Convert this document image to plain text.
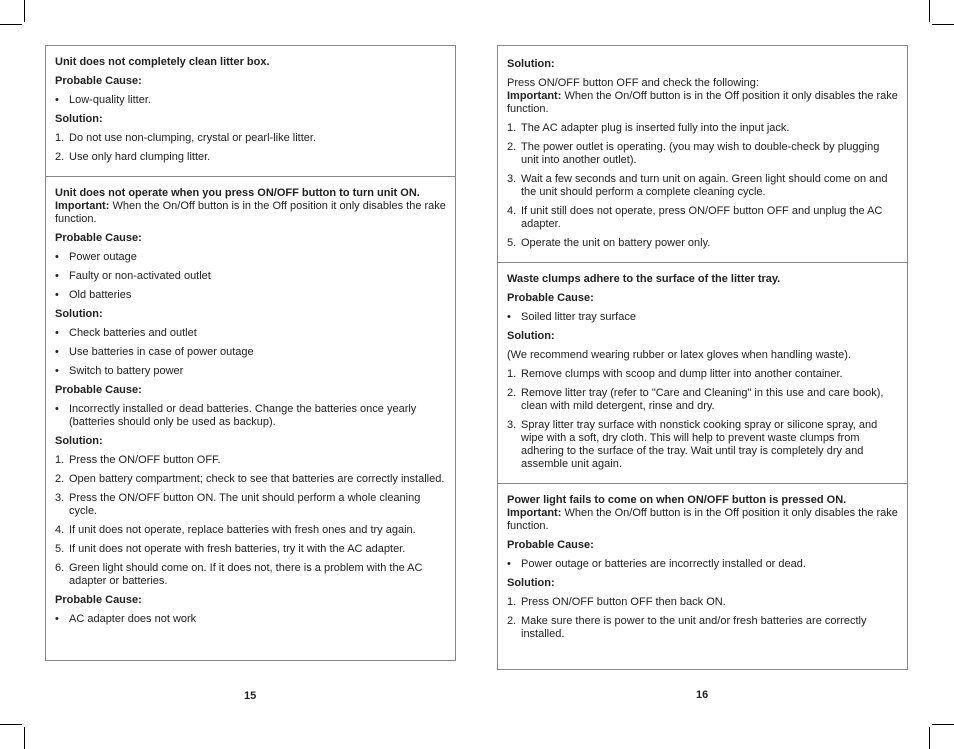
Unit does not completely clean litter box.
Probable Cause:
• Low-quality litter.
Solution:
1. Do not use non-clumping, crystal or pearl-like litter.
2. Use only hard clumping litter.
Unit does not operate when you press ON/OFF button to turn unit ON.
Important: When the On/Off button is in the Off position it only disables the rake function.
Probable Cause:
• Power outage
• Faulty or non-activated outlet
• Old batteries
Solution:
• Check batteries and outlet
• Use batteries in case of power outage
• Switch to battery power
Probable Cause:
• Incorrectly installed or dead batteries. Change the batteries once yearly (batteries should only be used as backup).
Solution:
1. Press the ON/OFF button OFF.
2. Open battery compartment; check to see that batteries are correctly installed.
3. Press the ON/OFF button ON. The unit should perform a whole cleaning cycle.
4. If unit does not operate, replace batteries with fresh ones and try again.
5. If unit does not operate with fresh batteries, try it with the AC adapter.
6. Green light should come on. If it does not, there is a problem with the AC adapter or batteries.
Probable Cause:
• AC adapter does not work
Solution:
Press ON/OFF button OFF and check the following:
Important: When the On/Off button is in the Off position it only disables the rake function.
1. The AC adapter plug is inserted fully into the input jack.
2. The power outlet is operating. (you may wish to double-check by plugging unit into another outlet).
3. Wait a few seconds and turn unit on again. Green light should come on and the unit should perform a complete cleaning cycle.
4. If unit still does not operate, press ON/OFF button OFF and unplug the AC adapter.
5. Operate the unit on battery power only.
Waste clumps adhere to the surface of the litter tray.
Probable Cause:
• Soiled litter tray surface
Solution:
(We recommend wearing rubber or latex gloves when handling waste).
1. Remove clumps with scoop and dump litter into another container.
2. Remove litter tray (refer to "Care and Cleaning" in this use and care book), clean with mild detergent, rinse and dry.
3. Spray litter tray surface with nonstick cooking spray or silicone spray, and wipe with a soft, dry cloth. This will help to prevent waste clumps from adhering to the surface of the tray. Wait until tray is completely dry and assemble unit again.
Power light fails to come on when ON/OFF button is pressed ON.
Important: When the On/Off button is in the Off position it only disables the rake function.
Probable Cause:
• Power outage or batteries are incorrectly installed or dead.
Solution:
1. Press ON/OFF button OFF then back ON.
2. Make sure there is power to the unit and/or fresh batteries are correctly installed.
15	16
